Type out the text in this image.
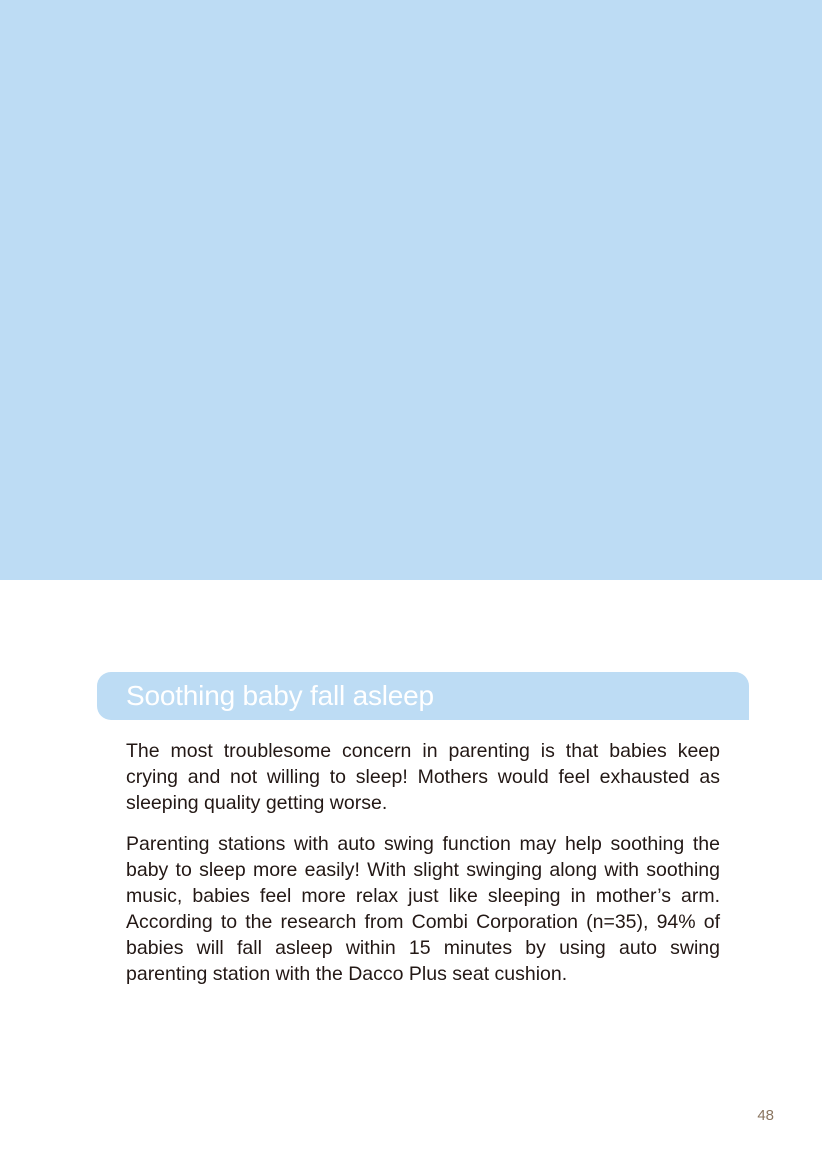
Soothing baby fall asleep

The most troublesome concern in parenting is that babies keep crying and not willing to sleep! Mothers would feel exhausted as sleeping quality getting worse.

Parenting stations with auto swing function may help soothing the baby to sleep more easily! With slight swinging along with soothing music, babies feel more relax just like sleeping in mother’s arm. According to the research from Combi Corporation (n=35), 94% of babies will fall asleep within 15 minutes by using auto swing parenting station with the Dacco Plus seat cushion.

48
